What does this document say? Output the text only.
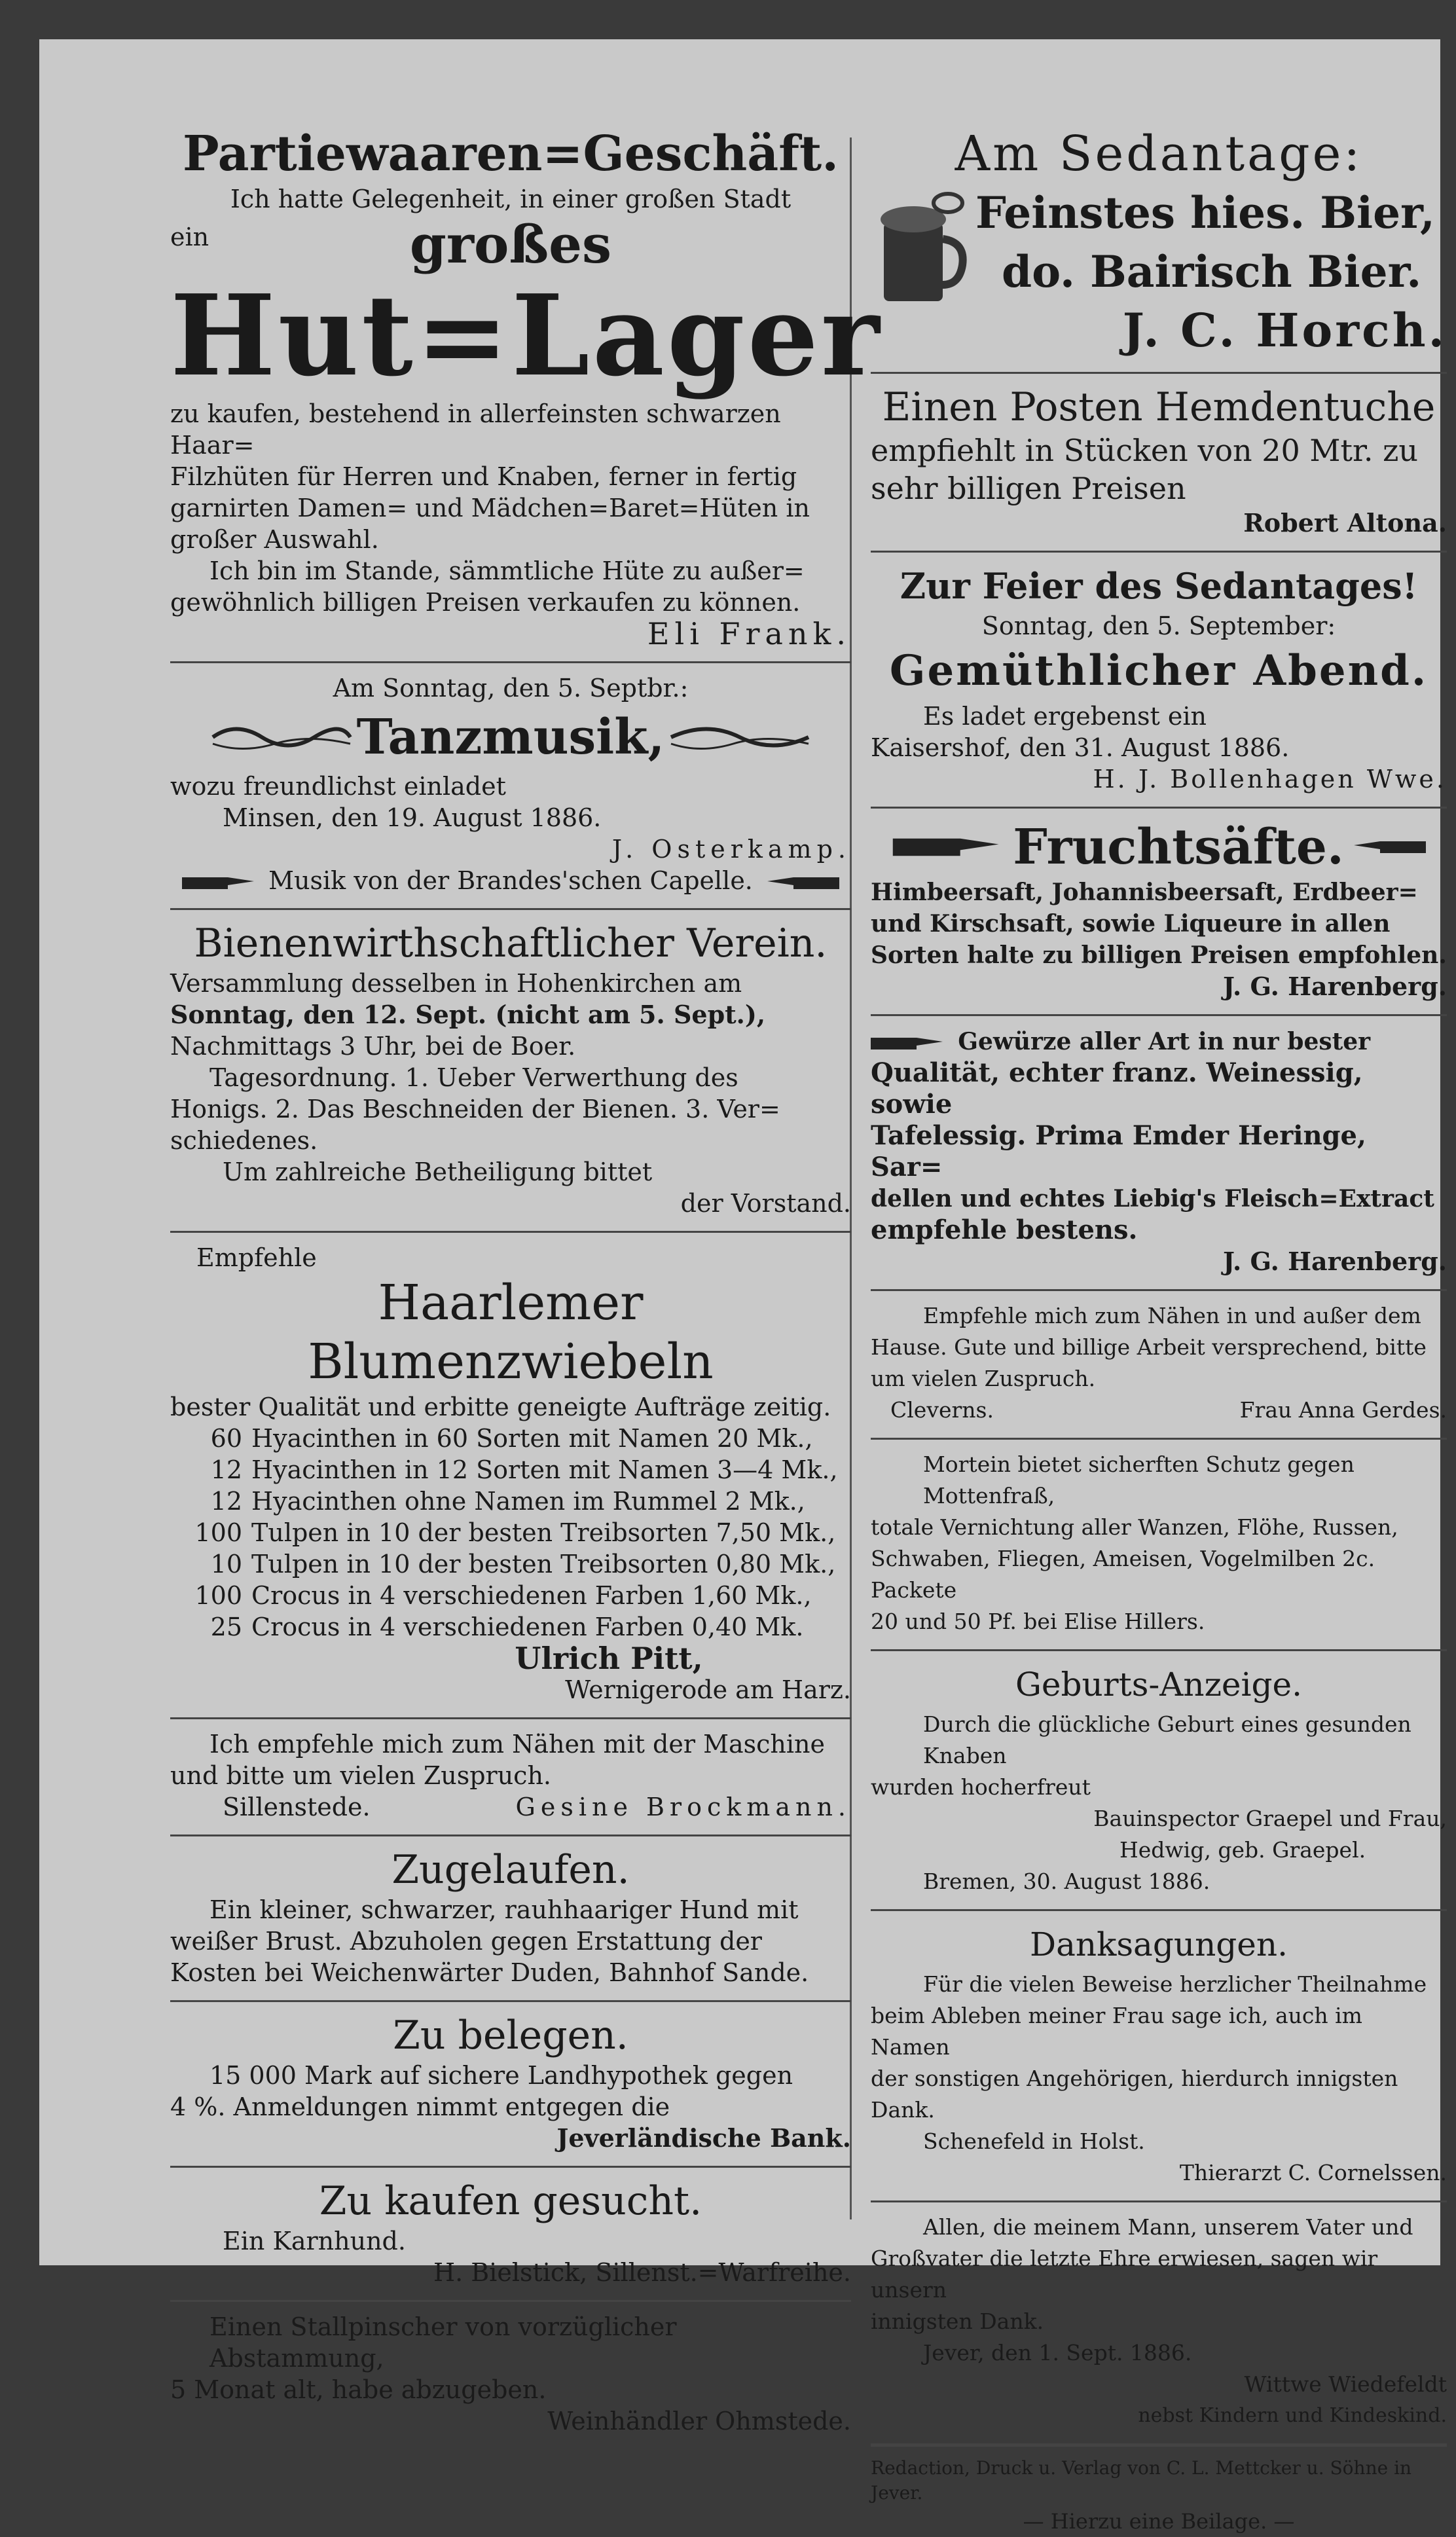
Partiewaaren=Geschäft.

Ich hatte Gelegenheit, in einer großen Stadt

ein	großes

Hut=Lager

zu kaufen, bestehend in allerfeinsten schwarzen Haar=

Filzhüten für Herren und Knaben, ferner in fertig

garnirten Damen= und Mädchen=Baret=Hüten in

großer Auswahl.

Ich bin im Stande, sämmtliche Hüte zu außer=

gewöhnlich billigen Preisen verkaufen zu können.

Eli Frank.

Am Sonntag, den 5. Septbr.:

Tanzmusik,

wozu freundlichst einladet

Minsen, den 19. August 1886.

J. Osterkamp.

Musik von der Brandes'schen Capelle.

Bienenwirthschaftlicher Verein.

Versammlung desselben in Hohenkirchen am

Sonntag, den 12. Sept. (nicht am 5. Sept.),

Nachmittags 3 Uhr, bei de Boer.

Tagesordnung. 1. Ueber Verwerthung des

Honigs. 2. Das Beschneiden der Bienen. 3. Ver=

schiedenes.

Um zahlreiche Betheiligung bittet

der Vorstand.

Empfehle

Haarlemer Blumenzwiebeln

bester Qualität und erbitte geneigte Aufträge zeitig.

60 Hyacinthen in 60 Sorten mit Namen 20 Mk.,
12 Hyacinthen in 12 Sorten mit Namen 3—4 Mk.,
12 Hyacinthen ohne Namen im Rummel 2 Mk.,
100 Tulpen in 10 der besten Treibsorten 7,50 Mk.,
10 Tulpen in 10 der besten Treibsorten 0,80 Mk.,
100 Crocus in 4 verschiedenen Farben 1,60 Mk.,
25 Crocus in 4 verschiedenen Farben 0,40 Mk.

Ulrich Pitt,

Wernigerode am Harz.

Ich empfehle mich zum Nähen mit der Maschine

und bitte um vielen Zuspruch.

Sillenstede.	Gesine Brockmann.

Zugelaufen.

Ein kleiner, schwarzer, rauhhaariger Hund mit

weißer Brust. Abzuholen gegen Erstattung der

Kosten bei Weichenwärter Duden, Bahnhof Sande.

Zu belegen.

15 000 Mark auf sichere Landhypothek gegen

4 %. Anmeldungen nimmt entgegen die

Jeverländische Bank.

Zu kaufen gesucht.

Ein Karnhund.

H. Bielstick, Sillenst.=Warfreihe.

Einen Stallpinscher von vorzüglicher Abstammung,

5 Monat alt, habe abzugeben.

Weinhändler Ohmstede.

Am Sedantage:

Feinstes hies. Bier,

do. Bairisch Bier.

J. C. Horch.

Einen Posten Hemdentuche

empfiehlt in Stücken von 20 Mtr. zu

sehr billigen Preisen

Robert Altona.

Zur Feier des Sedantages!

Sonntag, den 5. September:

Gemüthlicher Abend.

Es ladet ergebenst ein

Kaisershof, den 31. August 1886.

H. J. Bollenhagen Wwe.

Fruchtsäfte.

Himbeersaft, Johannisbeersaft, Erdbeer=

und Kirschsaft, sowie Liqueure in allen

Sorten halte zu billigen Preisen empfohlen.

J. G. Harenberg.

Gewürze aller Art in nur bester

Qualität, echter franz. Weinessig, sowie

Tafelessig. Prima Emder Heringe, Sar=

dellen und echtes Liebig's Fleisch=Extract

empfehle bestens.

J. G. Harenberg.

Empfehle mich zum Nähen in und außer dem

Hause. Gute und billige Arbeit versprechend, bitte

um vielen Zuspruch.

Cleverns.	Frau Anna Gerdes.

Mortein bietet sicherften Schutz gegen Mottenfraß,

totale Vernichtung aller Wanzen, Flöhe, Russen,

Schwaben, Fliegen, Ameisen, Vogelmilben 2c. Packete

20 und 50 Pf. bei Elise Hillers.

Geburts-Anzeige.

Durch die glückliche Geburt eines gesunden Knaben

wurden hocherfreut

Bauinspector Graepel und Frau,

Hedwig, geb. Graepel.

Bremen, 30. August 1886.

Danksagungen.

Für die vielen Beweise herzlicher Theilnahme

beim Ableben meiner Frau sage ich, auch im Namen

der sonstigen Angehörigen, hierdurch innigsten Dank.

Schenefeld in Holst.

Thierarzt C. Cornelssen.

Allen, die meinem Mann, unserem Vater und

Großvater die letzte Ehre erwiesen, sagen wir unsern

innigsten Dank.

Jever, den 1. Sept. 1886.

Wittwe Wiedefeldt

nebst Kindern und Kindeskind.

Redaction, Druck u. Verlag von C. L. Mettcker u. Söhne in Jever.

— Hierzu eine Beilage. —
